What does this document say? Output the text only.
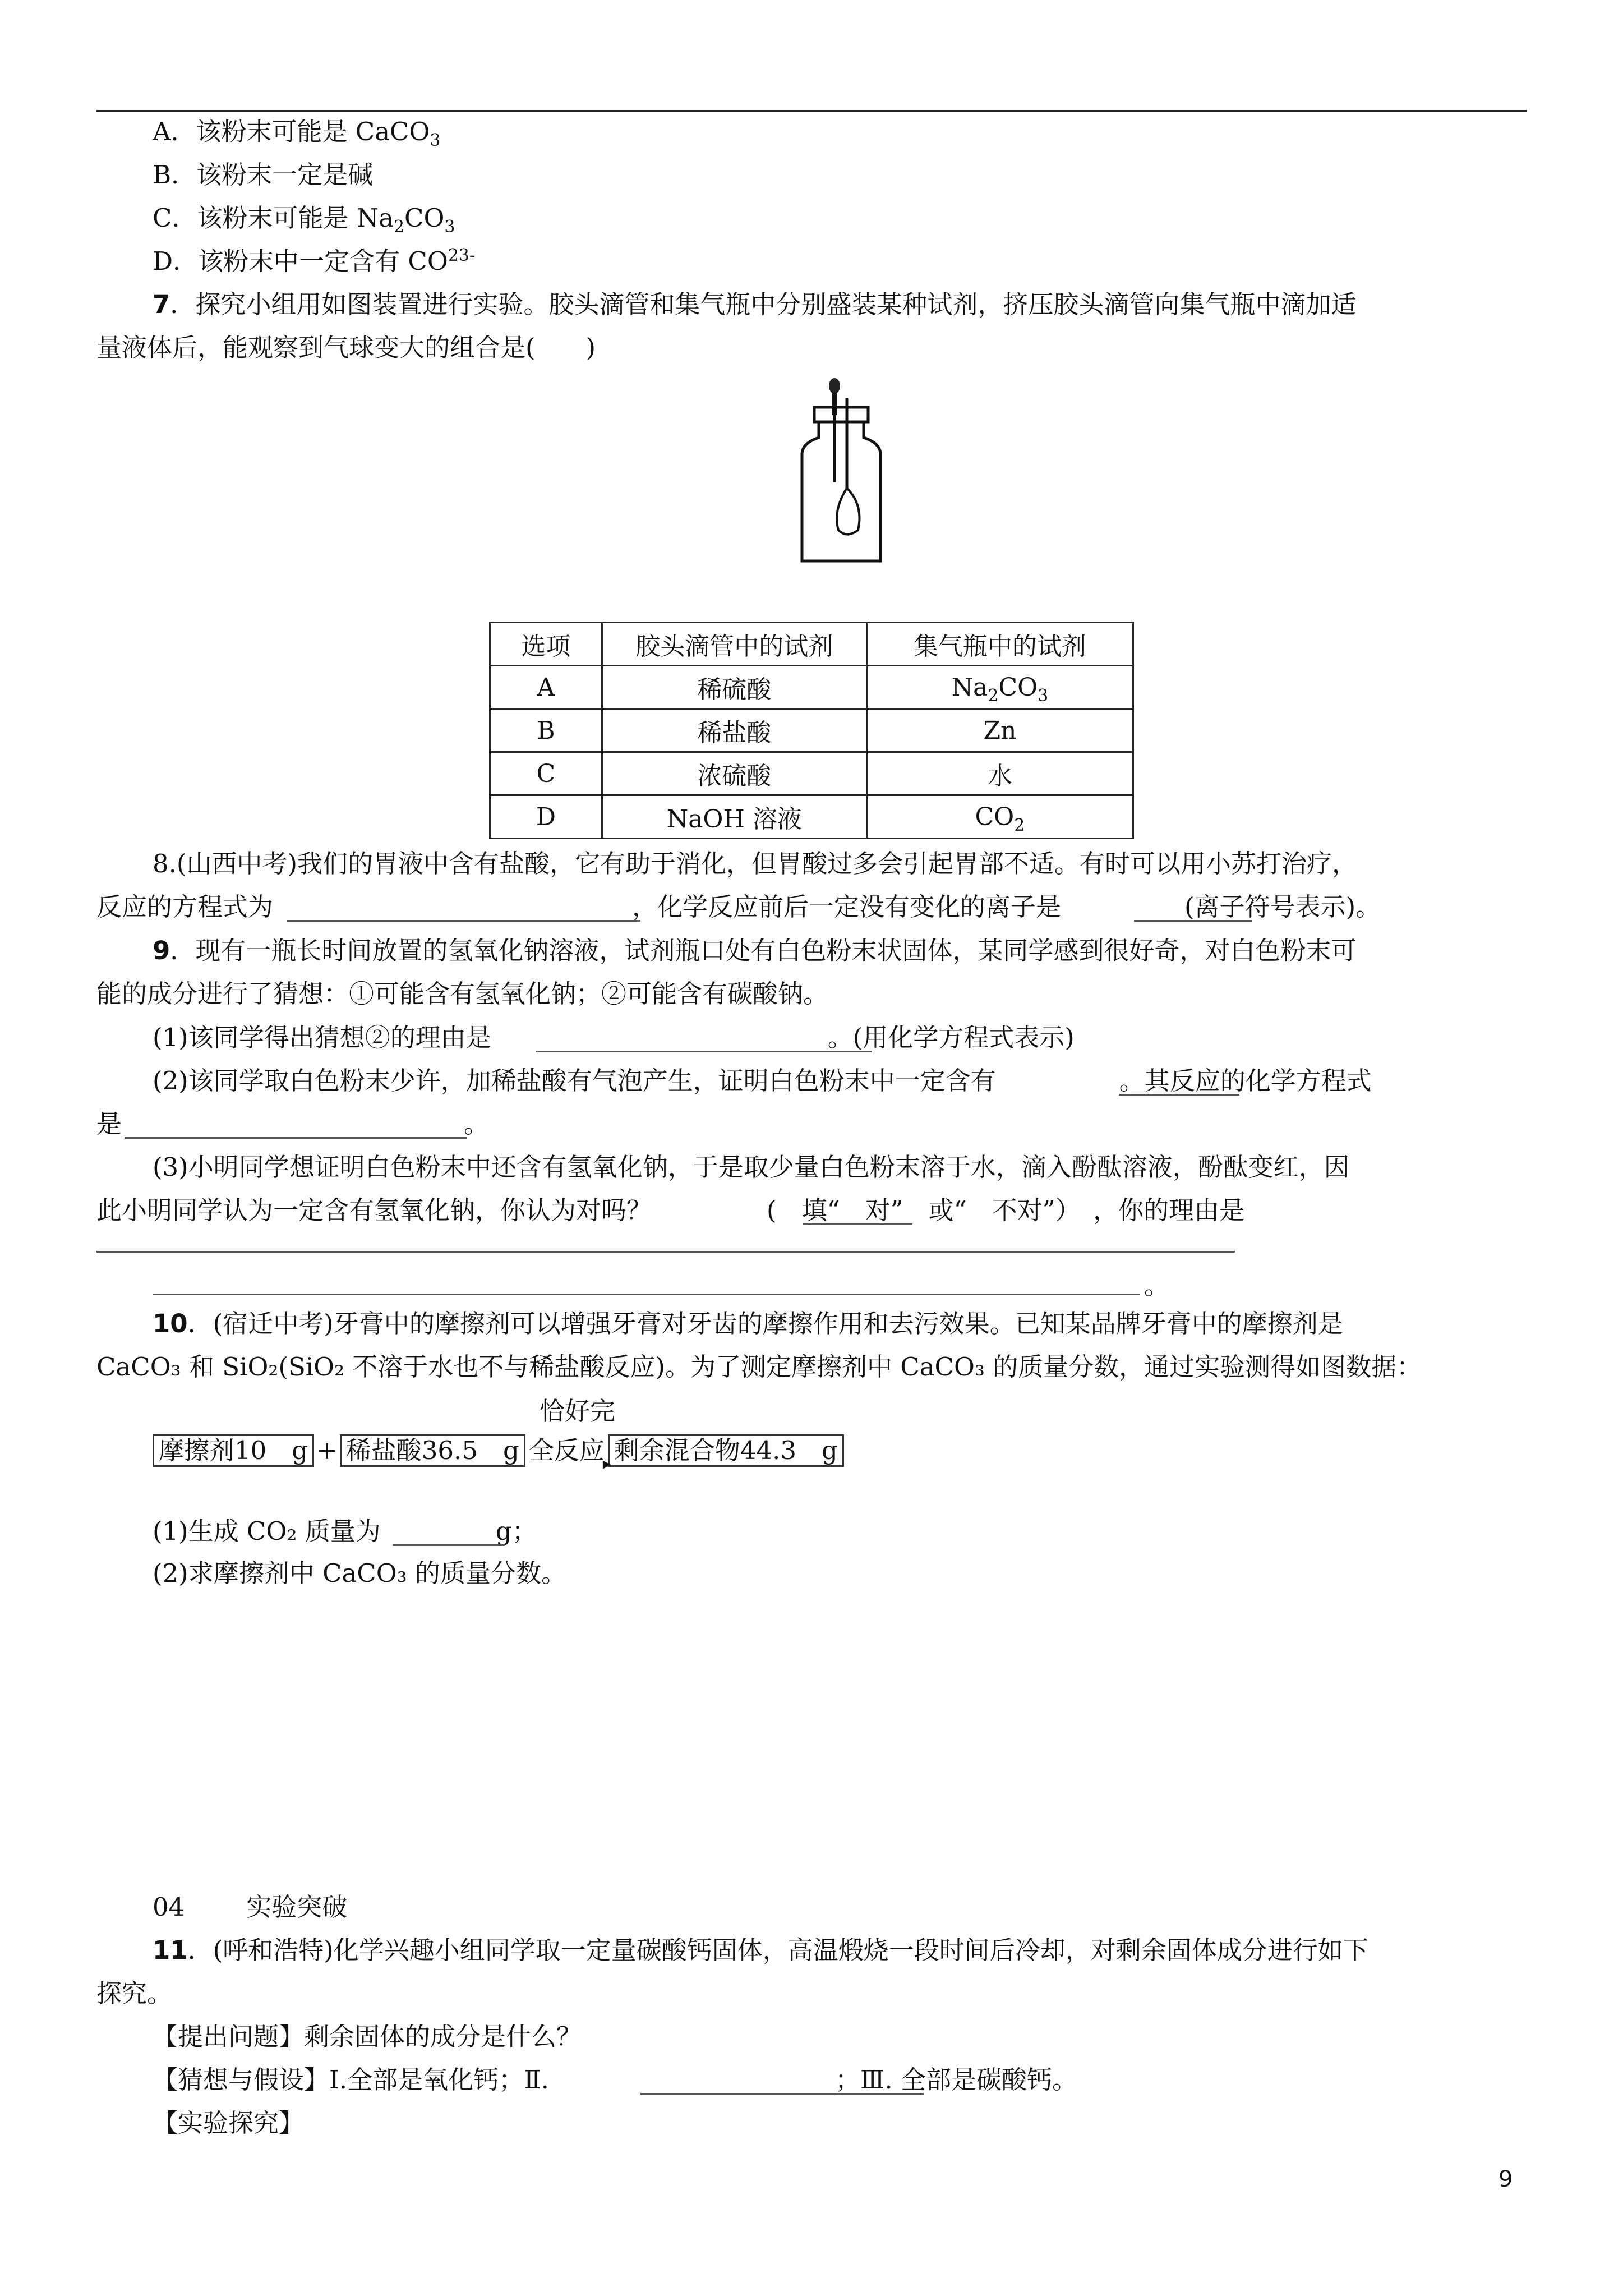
A．该粉末可能是 CaCO$_3$
B．该粉末一定是碱
C．该粉末可能是 $Na_2CO_3$
D．该粉末中一定含有 $CO^{23-}$
7．探究小组用如图装置进行实验。胶头滴管和集气瓶中分别盛装某种试剂，挤压胶头滴管向集气瓶中滴加适
量液体后，能观察到气球变大的组合是(　　)
选项	胶头滴管中的试剂	集气瓶中的试剂
A	稀硫酸	$Na_2CO_3$
B	稀盐酸	Zn
C	浓硫酸	水
D	NaOH 溶液	$CO_2$
8.(山西中考)我们的胃液中含有盐酸，它有助于消化，但胃酸过多会引起胃部不适。有时可以用小苏打治疗，
反应的方程式为	，化学反应前后一定没有变化的离子是	(离子符号表示)。
9．现有一瓶长时间放置的氢氧化钠溶液，试剂瓶口处有白色粉末状固体，某同学感到很好奇，对白色粉末可
能的成分进行了猜想：①可能含有氢氧化钠；②可能含有碳酸钠。
(1)该同学得出猜想②的理由是	。(用化学方程式表示)
(2)该同学取白色粉末少许，加稀盐酸有气泡产生，证明白色粉末中一定含有	。其反应的化学方程式
是	。
(3)小明同学想证明白色粉末中还含有氢氧化钠，于是取少量白色粉末溶于水，滴入酚酞溶液，酚酞变红，因
此小明同学认为一定含有氢氧化钠，你认为对吗？	(　填“　对”　或“　不对”）　，你的理由是
。
10．(宿迁中考)牙膏中的摩擦剂可以增强牙膏对牙齿的摩擦作用和去污效果。已知某品牌牙膏中的摩擦剂是
CaCO₃ 和 SiO₂(SiO₂ 不溶于水也不与稀盐酸反应)。为了测定摩擦剂中 CaCO₃ 的质量分数，通过实验测得如图数据：
恰好完
摩擦剂10　g + 稀盐酸36.5　g 全反应
▸ 剩余混合物44.3　g
(1)生成 CO₂ 质量为	g；
(2)求摩擦剂中 CaCO₃ 的质量分数。
04 实验突破
11．(呼和浩特)化学兴趣小组同学取一定量碳酸钙固体，高温煅烧一段时间后冷却，对剩余固体成分进行如下
探究。
【提出问题】剩余固体的成分是什么？
【猜想与假设】Ⅰ.全部是氧化钙；Ⅱ.	；Ⅲ. 全部是碳酸钙。
【实验探究】
9
